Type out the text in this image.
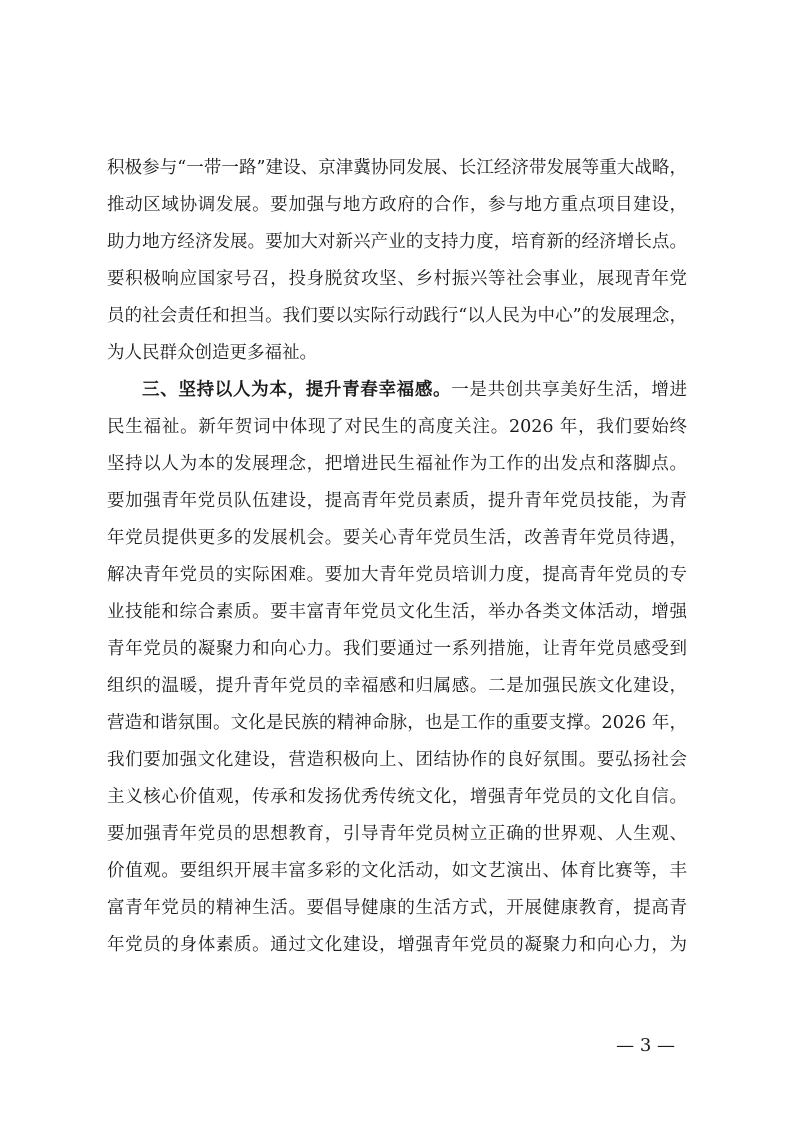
积极参与“一带一路”建设、京津冀协同发展、长江经济带发展等重大战略，
推动区域协调发展。要加强与地方政府的合作，参与地方重点项目建设，
助力地方经济发展。要加大对新兴产业的支持力度，培育新的经济增长点。
要积极响应国家号召，投身脱贫攻坚、乡村振兴等社会事业，展现青年党
员的社会责任和担当。我们要以实际行动践行“以人民为中心”的发展理念，
为人民群众创造更多福祉。
三、坚持以人为本，提升青春幸福感。一是共创共享美好生活，增进
民生福祉。新年贺词中体现了对民生的高度关注。2026 年，我们要始终
坚持以人为本的发展理念，把增进民生福祉作为工作的出发点和落脚点。
要加强青年党员队伍建设，提高青年党员素质，提升青年党员技能，为青
年党员提供更多的发展机会。要关心青年党员生活，改善青年党员待遇，
解决青年党员的实际困难。要加大青年党员培训力度，提高青年党员的专
业技能和综合素质。要丰富青年党员文化生活，举办各类文体活动，增强
青年党员的凝聚力和向心力。我们要通过一系列措施，让青年党员感受到
组织的温暖，提升青年党员的幸福感和归属感。二是加强民族文化建设，
营造和谐氛围。文化是民族的精神命脉，也是工作的重要支撑。2026 年，
我们要加强文化建设，营造积极向上、团结协作的良好氛围。要弘扬社会
主义核心价值观，传承和发扬优秀传统文化，增强青年党员的文化自信。
要加强青年党员的思想教育，引导青年党员树立正确的世界观、人生观、
价值观。要组织开展丰富多彩的文化活动，如文艺演出、体育比赛等，丰
富青年党员的精神生活。要倡导健康的生活方式，开展健康教育，提高青
年党员的身体素质。通过文化建设，增强青年党员的凝聚力和向心力，为
— 3 —
